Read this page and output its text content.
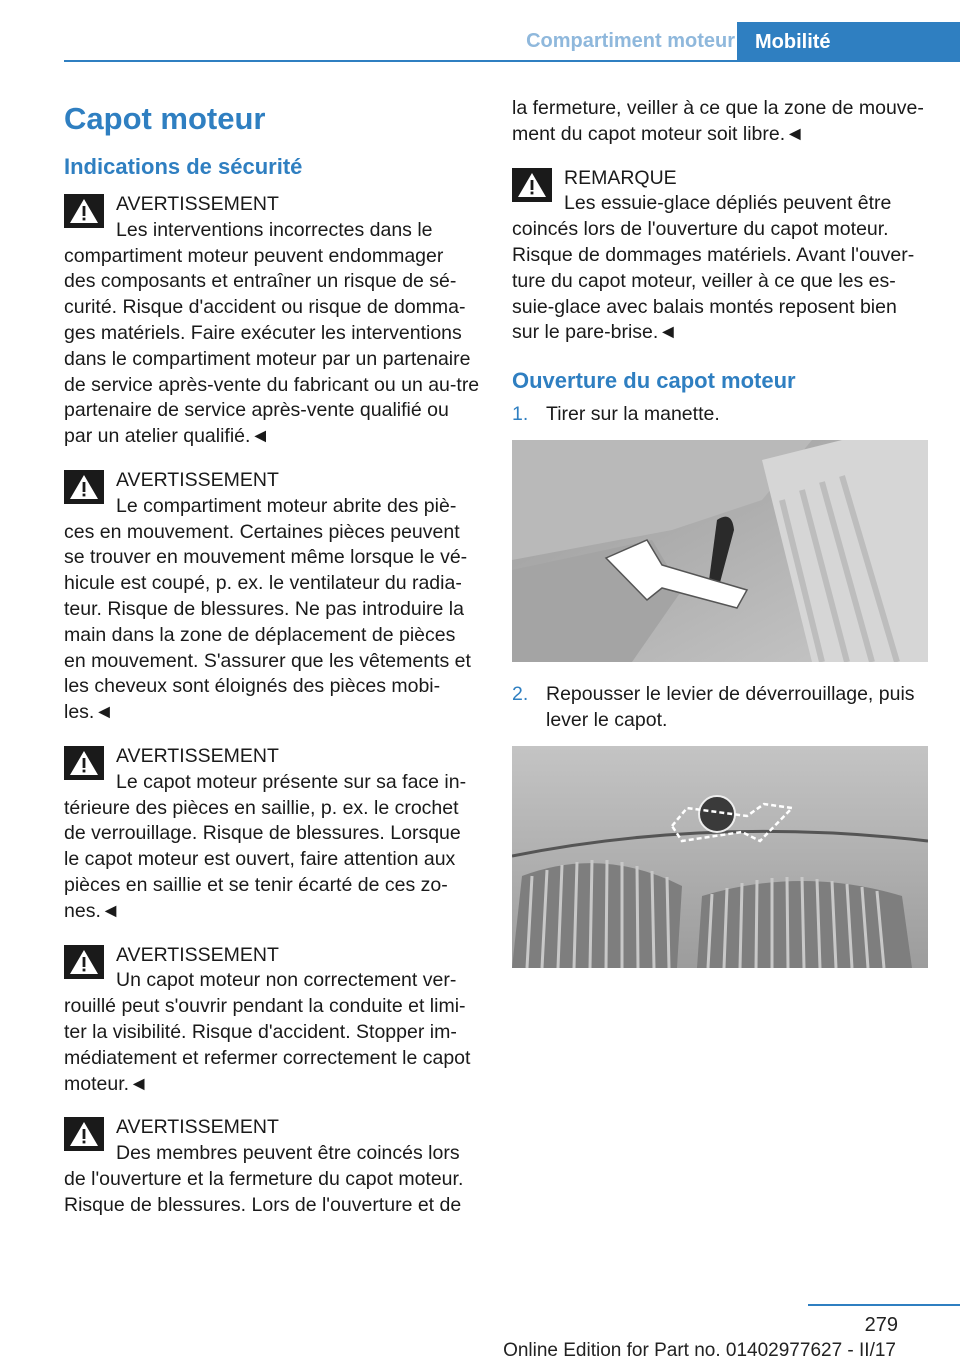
Compartiment moteur	Mobilité
Capot moteur
Indications de sécurité
AVERTISSEMENT
Les interventions incorrectes dans le compartiment moteur peuvent endommager des composants et entraîner un risque de sé-curité. Risque d'accident ou risque de domma-ges matériels. Faire exécuter les interventions dans le compartiment moteur par un partenaire de service après-vente du fabricant ou un au-tre partenaire de service après-vente qualifié ou par un atelier qualifié.◄
AVERTISSEMENT
Le compartiment moteur abrite des piè-ces en mouvement. Certaines pièces peuvent se trouver en mouvement même lorsque le vé-hicule est coupé, p. ex. le ventilateur du radia-teur. Risque de blessures. Ne pas introduire la main dans la zone de déplacement de pièces en mouvement. S'assurer que les vêtements et les cheveux sont éloignés des pièces mobi-les.◄
AVERTISSEMENT
Le capot moteur présente sur sa face in-térieure des pièces en saillie, p. ex. le crochet de verrouillage. Risque de blessures. Lorsque le capot moteur est ouvert, faire attention aux pièces en saillie et se tenir écarté de ces zo-nes.◄
AVERTISSEMENT
Un capot moteur non correctement ver-rouillé peut s'ouvrir pendant la conduite et limi-ter la visibilité. Risque d'accident. Stopper im-médiatement et refermer correctement le capot moteur.◄
AVERTISSEMENT
Des membres peuvent être coincés lors de l'ouverture et la fermeture du capot moteur. Risque de blessures. Lors de l'ouverture et de
la fermeture, veiller à ce que la zone de mouve-ment du capot moteur soit libre.◄
REMARQUE
Les essuie-glace dépliés peuvent être coincés lors de l'ouverture du capot moteur. Risque de dommages matériels. Avant l'ouver-ture du capot moteur, veiller à ce que les es-suie-glace avec balais montés reposent bien sur le pare-brise.◄
Ouverture du capot moteur
1. Tirer sur la manette.
2. Repousser le levier de déverrouillage, puis lever le capot.
279
Online Edition for Part no. 01402977627 - II/17
